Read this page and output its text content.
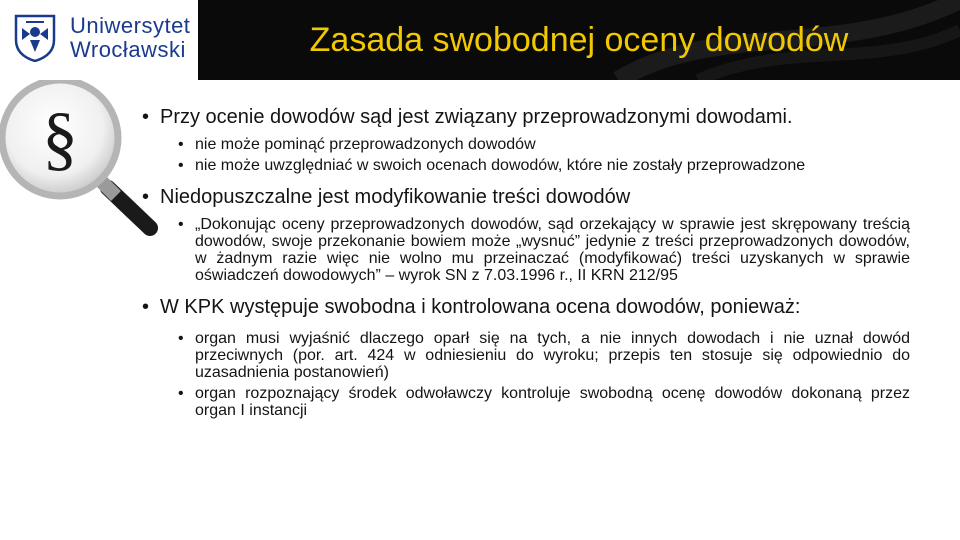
Uniwersytet
Wrocławski	Zasada swobodnej oceny dowodów
§
•	Przy ocenie dowodów sąd jest związany przeprowadzonymi dowodami.
• nie może pominąć przeprowadzonych dowodów
• nie może uwzględniać w swoich ocenach dowodów, które nie zostały przeprowadzone
• Niedopuszczalne jest modyfikowanie treści dowodów
• „Dokonując oceny przeprowadzonych dowodów, sąd orzekający w sprawie jest skrępowany treścią dowodów, swoje przekonanie bowiem może „wysnuć” jedynie z treści przeprowadzonych dowodów, w żadnym razie więc nie wolno mu przeinaczać (modyfikować) treści uzyskanych w sprawie oświadczeń dowodowych” – wyrok SN z 7.03.1996 r., II KRN 212/95
• W KPK występuje swobodna i kontrolowana ocena dowodów, ponieważ:
• organ musi wyjaśnić dlaczego oparł się na tych, a nie innych dowodach i nie uznał dowód przeciwnych (por. art. 424 w odniesieniu do wyroku; przepis ten stosuje się odpowiednio do uzasadnienia postanowień)
• organ rozpoznający środek odwoławczy kontroluje swobodną ocenę dowodów dokonaną przez organ I instancji
